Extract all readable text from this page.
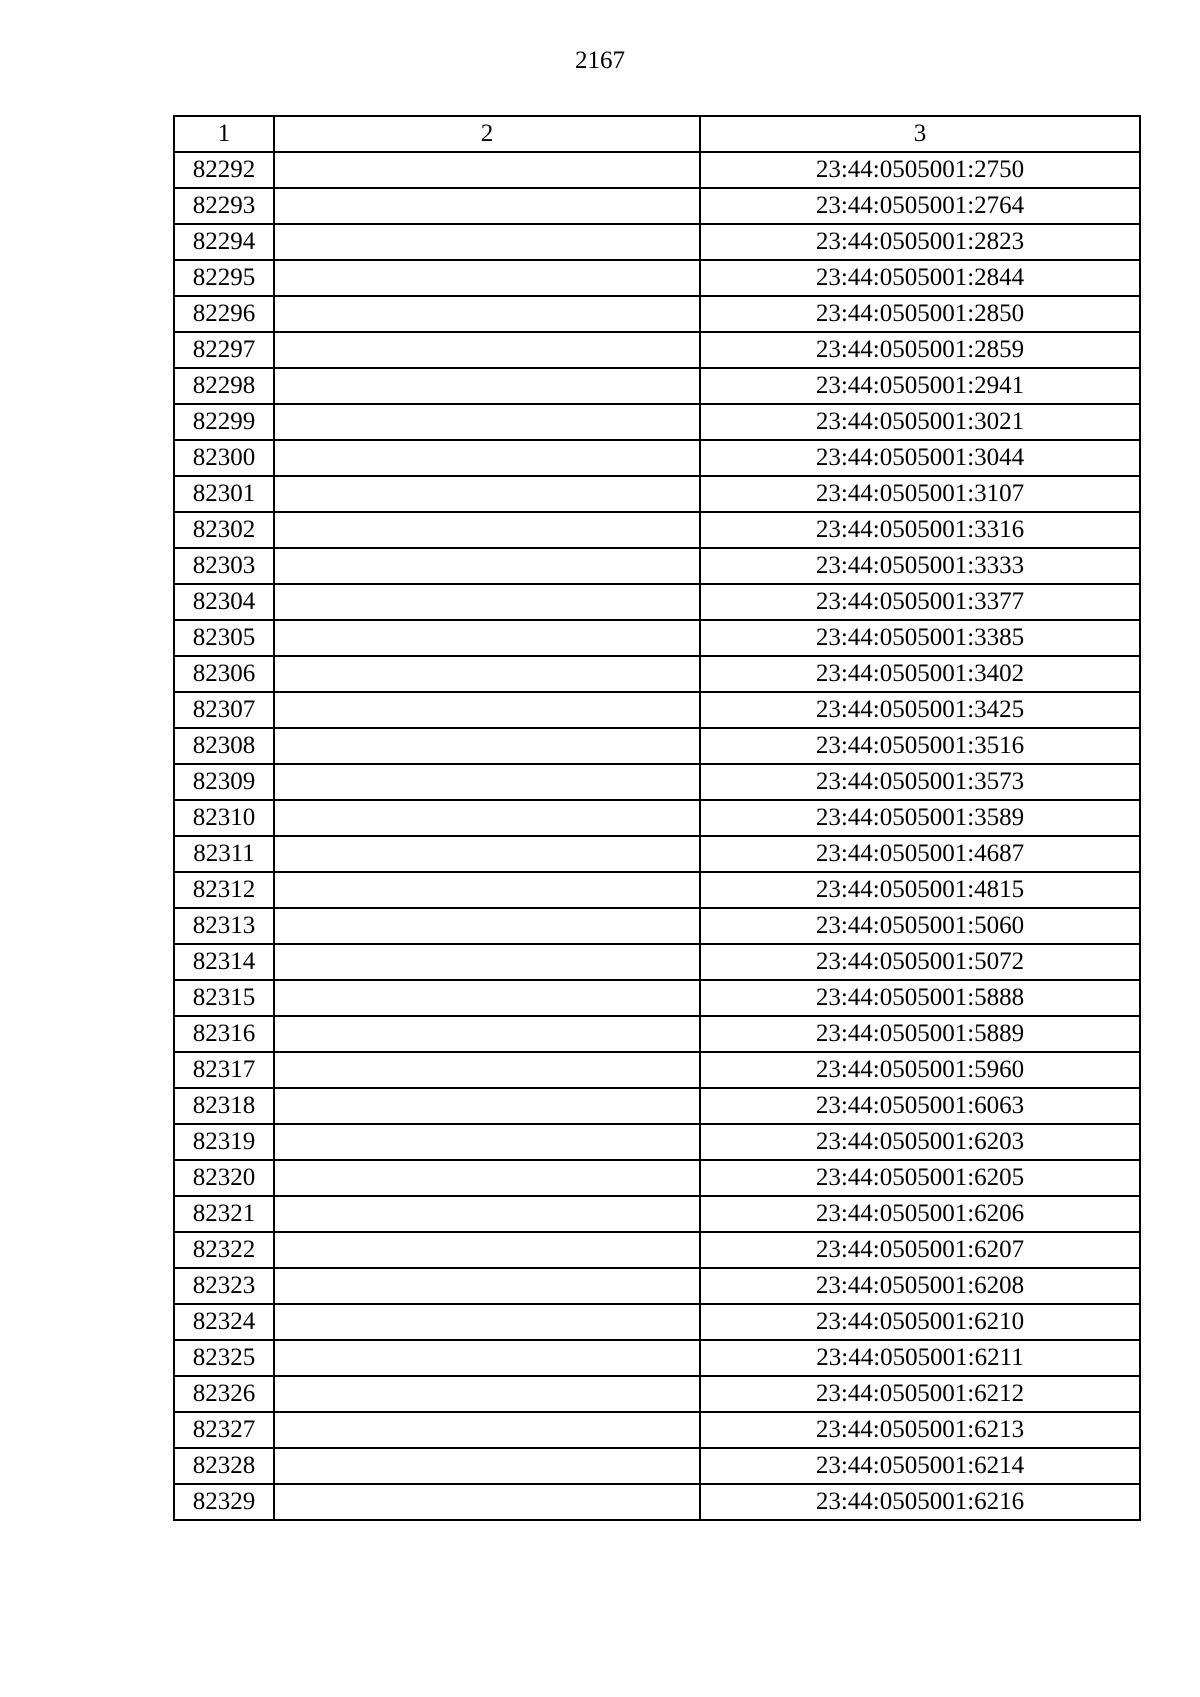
2167
1	2	3
82292		23:44:0505001:2750
82293		23:44:0505001:2764
82294		23:44:0505001:2823
82295		23:44:0505001:2844
82296		23:44:0505001:2850
82297		23:44:0505001:2859
82298		23:44:0505001:2941
82299		23:44:0505001:3021
82300		23:44:0505001:3044
82301		23:44:0505001:3107
82302		23:44:0505001:3316
82303		23:44:0505001:3333
82304		23:44:0505001:3377
82305		23:44:0505001:3385
82306		23:44:0505001:3402
82307		23:44:0505001:3425
82308		23:44:0505001:3516
82309		23:44:0505001:3573
82310		23:44:0505001:3589
82311		23:44:0505001:4687
82312		23:44:0505001:4815
82313		23:44:0505001:5060
82314		23:44:0505001:5072
82315		23:44:0505001:5888
82316		23:44:0505001:5889
82317		23:44:0505001:5960
82318		23:44:0505001:6063
82319		23:44:0505001:6203
82320		23:44:0505001:6205
82321		23:44:0505001:6206
82322		23:44:0505001:6207
82323		23:44:0505001:6208
82324		23:44:0505001:6210
82325		23:44:0505001:6211
82326		23:44:0505001:6212
82327		23:44:0505001:6213
82328		23:44:0505001:6214
82329		23:44:0505001:6216
